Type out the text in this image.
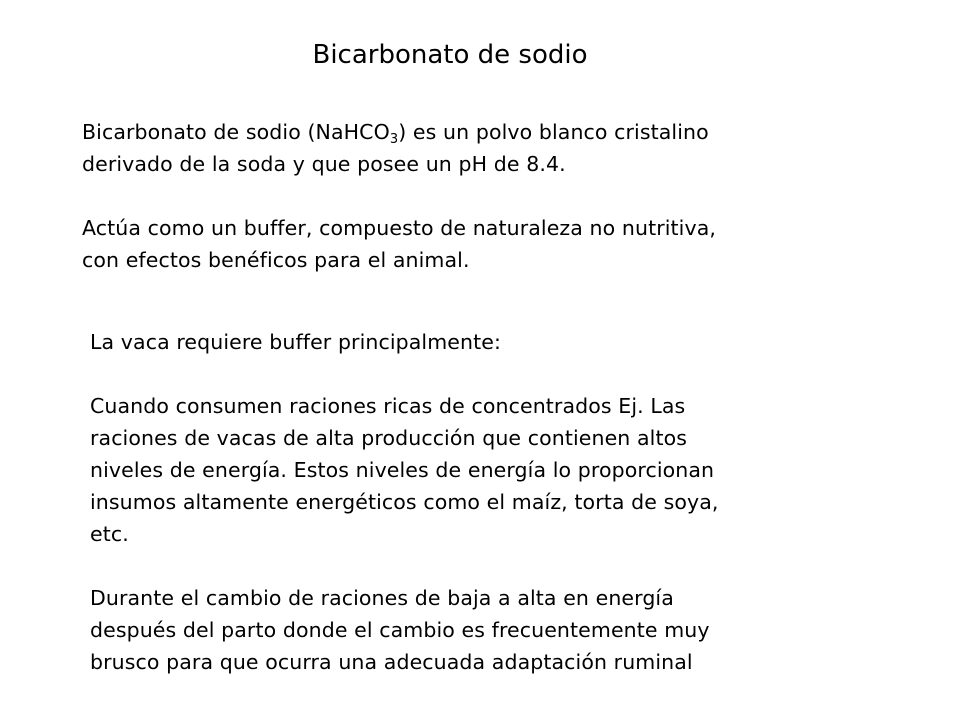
Bicarbonato de sodio

Bicarbonato de sodio (NaHCO$_3$) es un polvo blanco cristalino

derivado de la soda y que posee un pH de 8.4.

Actúa como un buffer, compuesto de naturaleza no nutritiva,

con efectos benéficos para el animal.

La vaca requiere buffer principalmente:

Cuando consumen raciones ricas de concentrados Ej. Las

raciones de vacas de alta producción que contienen altos

niveles de energía. Estos niveles de energía lo proporcionan

insumos altamente energéticos como el maíz, torta de soya,

etc.

Durante el cambio de raciones de baja a alta en energía

después del parto donde el cambio es frecuentemente muy

brusco para que ocurra una adecuada adaptación ruminal
